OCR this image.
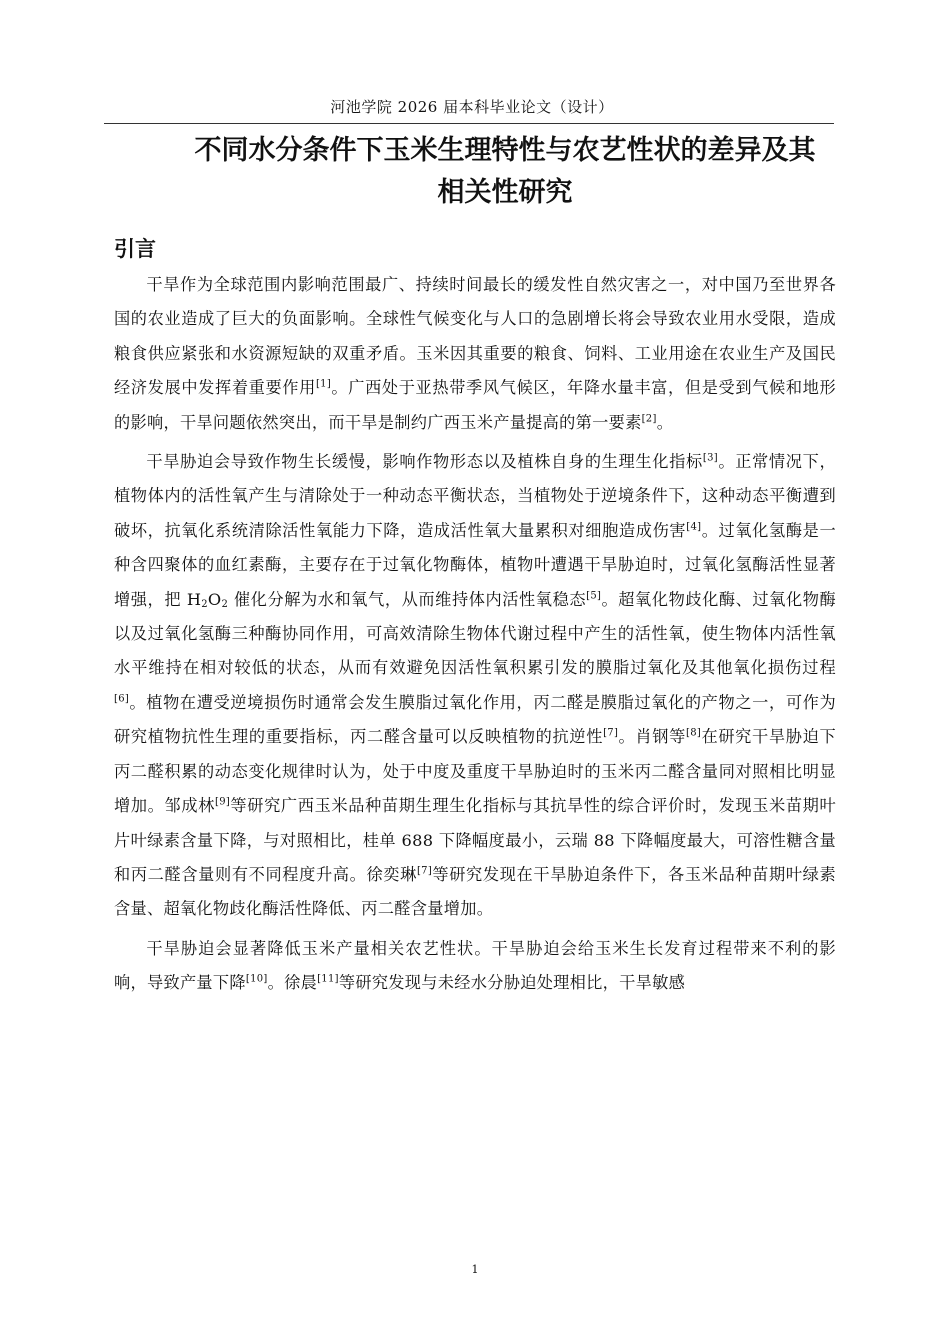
河池学院 2026 届本科毕业论文（设计）
不同水分条件下玉米生理特性与农艺性状的差异及其
相关性研究
引言

干旱作为全球范围内影响范围最广、持续时间最长的缓发性自然灾害之一，对中国乃至世界各国的农业造成了巨大的负面影响。全球性气候变化与人口的急剧增长将会导致农业用水受限，造成粮食供应紧张和水资源短缺的双重矛盾。玉米因其重要的粮食、饲料、工业用途在农业生产及国民经济发展中发挥着重要作用[1]。广西处于亚热带季风气候区，年降水量丰富，但是受到气候和地形的影响，干旱问题依然突出，而干旱是制约广西玉米产量提高的第一要素[2]。

干旱胁迫会导致作物生长缓慢，影响作物形态以及植株自身的生理生化指标[3]。正常情况下，植物体内的活性氧产生与清除处于一种动态平衡状态，当植物处于逆境条件下，这种动态平衡遭到破坏，抗氧化系统清除活性氧能力下降，造成活性氧大量累积对细胞造成伤害[4]。过氧化氢酶是一种含四聚体的血红素酶，主要存在于过氧化物酶体，植物叶遭遇干旱胁迫时，过氧化氢酶活性显著增强，把 $H_2O_2$ 催化分解为水和氧气，从而维持体内活性氧稳态[5]。超氧化物歧化酶、过氧化物酶以及过氧化氢酶三种酶协同作用，可高效清除生物体代谢过程中产生的活性氧，使生物体内活性氧水平维持在相对较低的状态，从而有效避免因活性氧积累引发的膜脂过氧化及其他氧化损伤过程[6]。植物在遭受逆境损伤时通常会发生膜脂过氧化作用，丙二醛是膜脂过氧化的产物之一，可作为研究植物抗性生理的重要指标，丙二醛含量可以反映植物的抗逆性[7]。肖钢等[8]在研究干旱胁迫下丙二醛积累的动态变化规律时认为，处于中度及重度干旱胁迫时的玉米丙二醛含量同对照相比明显增加。邹成林[9]等研究广西玉米品种苗期生理生化指标与其抗旱性的综合评价时，发现玉米苗期叶片叶绿素含量下降，与对照相比，桂单 688 下降幅度最小，云瑞 88 下降幅度最大，可溶性糖含量和丙二醛含量则有不同程度升高。徐奕琳[7]等研究发现在干旱胁迫条件下，各玉米品种苗期叶绿素含量、超氧化物歧化酶活性降低、丙二醛含量增加。

干旱胁迫会显著降低玉米产量相关农艺性状。干旱胁迫会给玉米生长发育过程带来不利的影响，导致产量下降[10]。徐晨[11]等研究发现与未经水分胁迫处理相比，干旱敏感

1
